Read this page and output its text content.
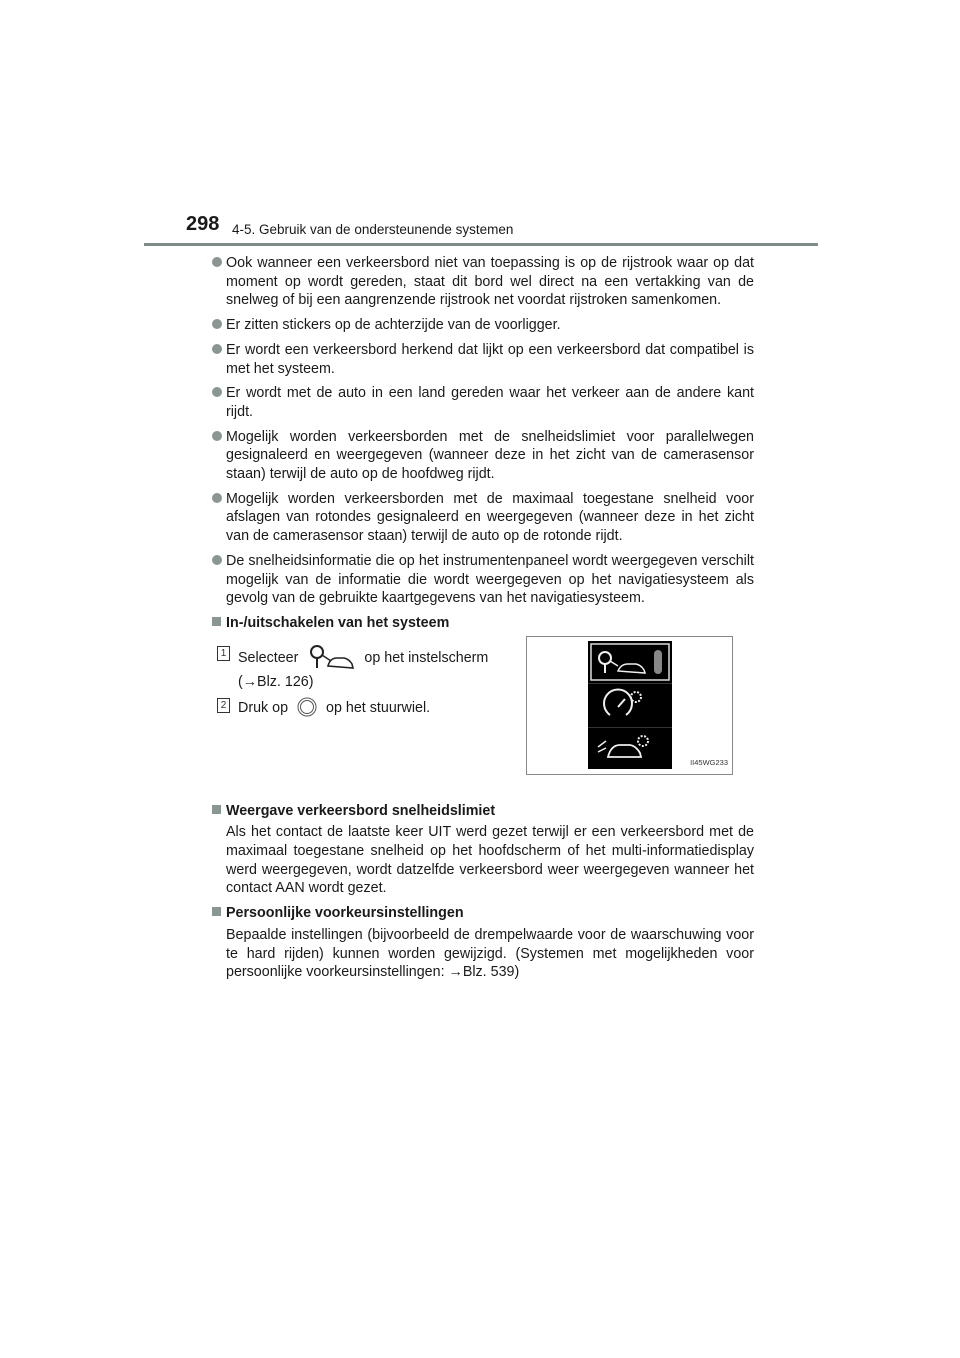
298 4-5. Gebruik van de ondersteunende systemen
Ook wanneer een verkeersbord niet van toepassing is op de rijstrook waar op dat moment op wordt gereden, staat dit bord wel direct na een vertakking van de snelweg of bij een aangrenzende rijstrook net voordat rijstroken samenkomen.
Er zitten stickers op de achterzijde van de voorligger.
Er wordt een verkeersbord herkend dat lijkt op een verkeersbord dat compatibel is met het systeem.
Er wordt met de auto in een land gereden waar het verkeer aan de andere kant rijdt.
Mogelijk worden verkeersborden met de snelheidslimiet voor parallelwegen gesignaleerd en weergegeven (wanneer deze in het zicht van de camerasensor staan) terwijl de auto op de hoofdweg rijdt.
Mogelijk worden verkeersborden met de maximaal toegestane snelheid voor afslagen van rotondes gesignaleerd en weergegeven (wanneer deze in het zicht van de camerasensor staan) terwijl de auto op de rotonde rijdt.
De snelheidsinformatie die op het instrumentenpaneel wordt weergegeven verschilt mogelijk van de informatie die wordt weergegeven op het navigatiesysteem als gevolg van de gebruikte kaartgegevens van het navigatiesysteem.
In-/uitschakelen van het systeem
1 Selecteer	op het instelscherm
(→Blz. 126)
2 Druk op	op het stuurwiel.
II45WG233
Weergave verkeersbord snelheidslimiet
Als het contact de laatste keer UIT werd gezet terwijl er een verkeersbord met de maximaal toegestane snelheid op het hoofdscherm of het multi-informatiedisplay werd weergegeven, wordt datzelfde verkeersbord weer weergegeven wanneer het contact AAN wordt gezet.
Persoonlijke voorkeursinstellingen
Bepaalde instellingen (bijvoorbeeld de drempelwaarde voor de waarschuwing voor te hard rijden) kunnen worden gewijzigd. (Systemen met mogelijkheden voor persoonlijke voorkeursinstellingen: →Blz. 539)
